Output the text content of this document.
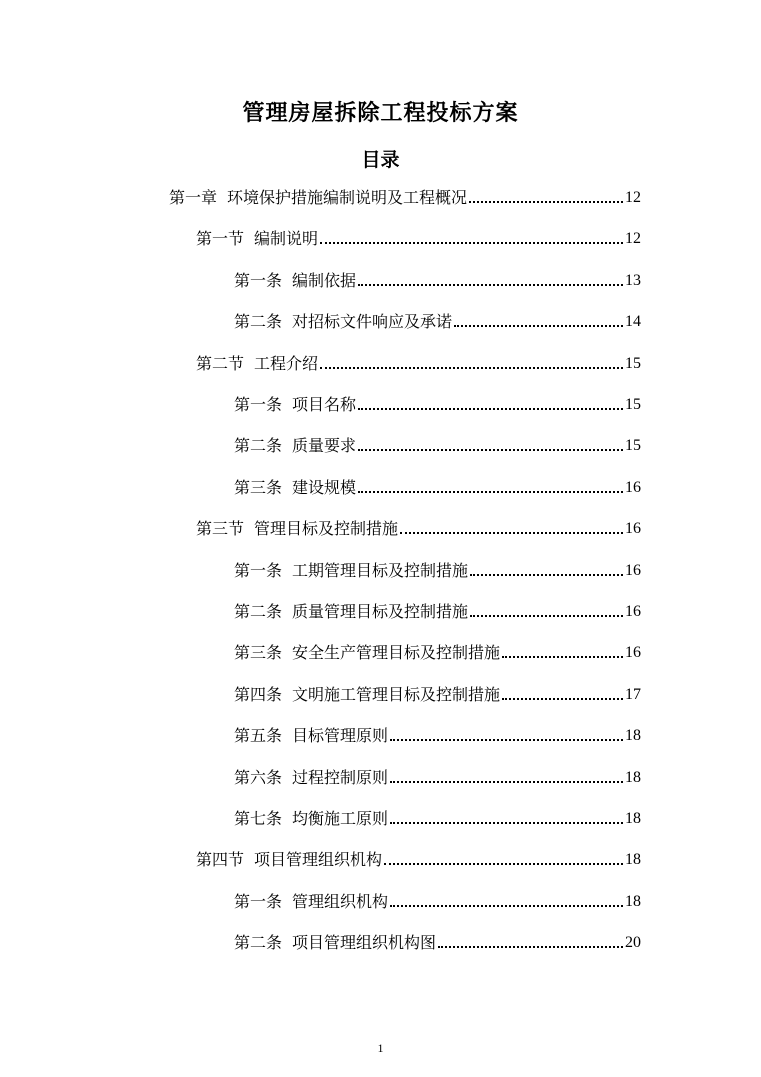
管理房屋拆除工程投标方案
目录
第一章 环境保护措施编制说明及工程概况	12
第一节 编制说明	12
第一条 编制依据	13
第二条 对招标文件响应及承诺	14
第二节 工程介绍	15
第一条 项目名称	15
第二条 质量要求	15
第三条 建设规模	16
第三节 管理目标及控制措施	16
第一条 工期管理目标及控制措施	16
第二条 质量管理目标及控制措施	16
第三条 安全生产管理目标及控制措施	16
第四条 文明施工管理目标及控制措施	17
第五条 目标管理原则	18
第六条 过程控制原则	18
第七条 均衡施工原则	18
第四节 项目管理组织机构	18
第一条 管理组织机构	18
第二条 项目管理组织机构图	20
1
